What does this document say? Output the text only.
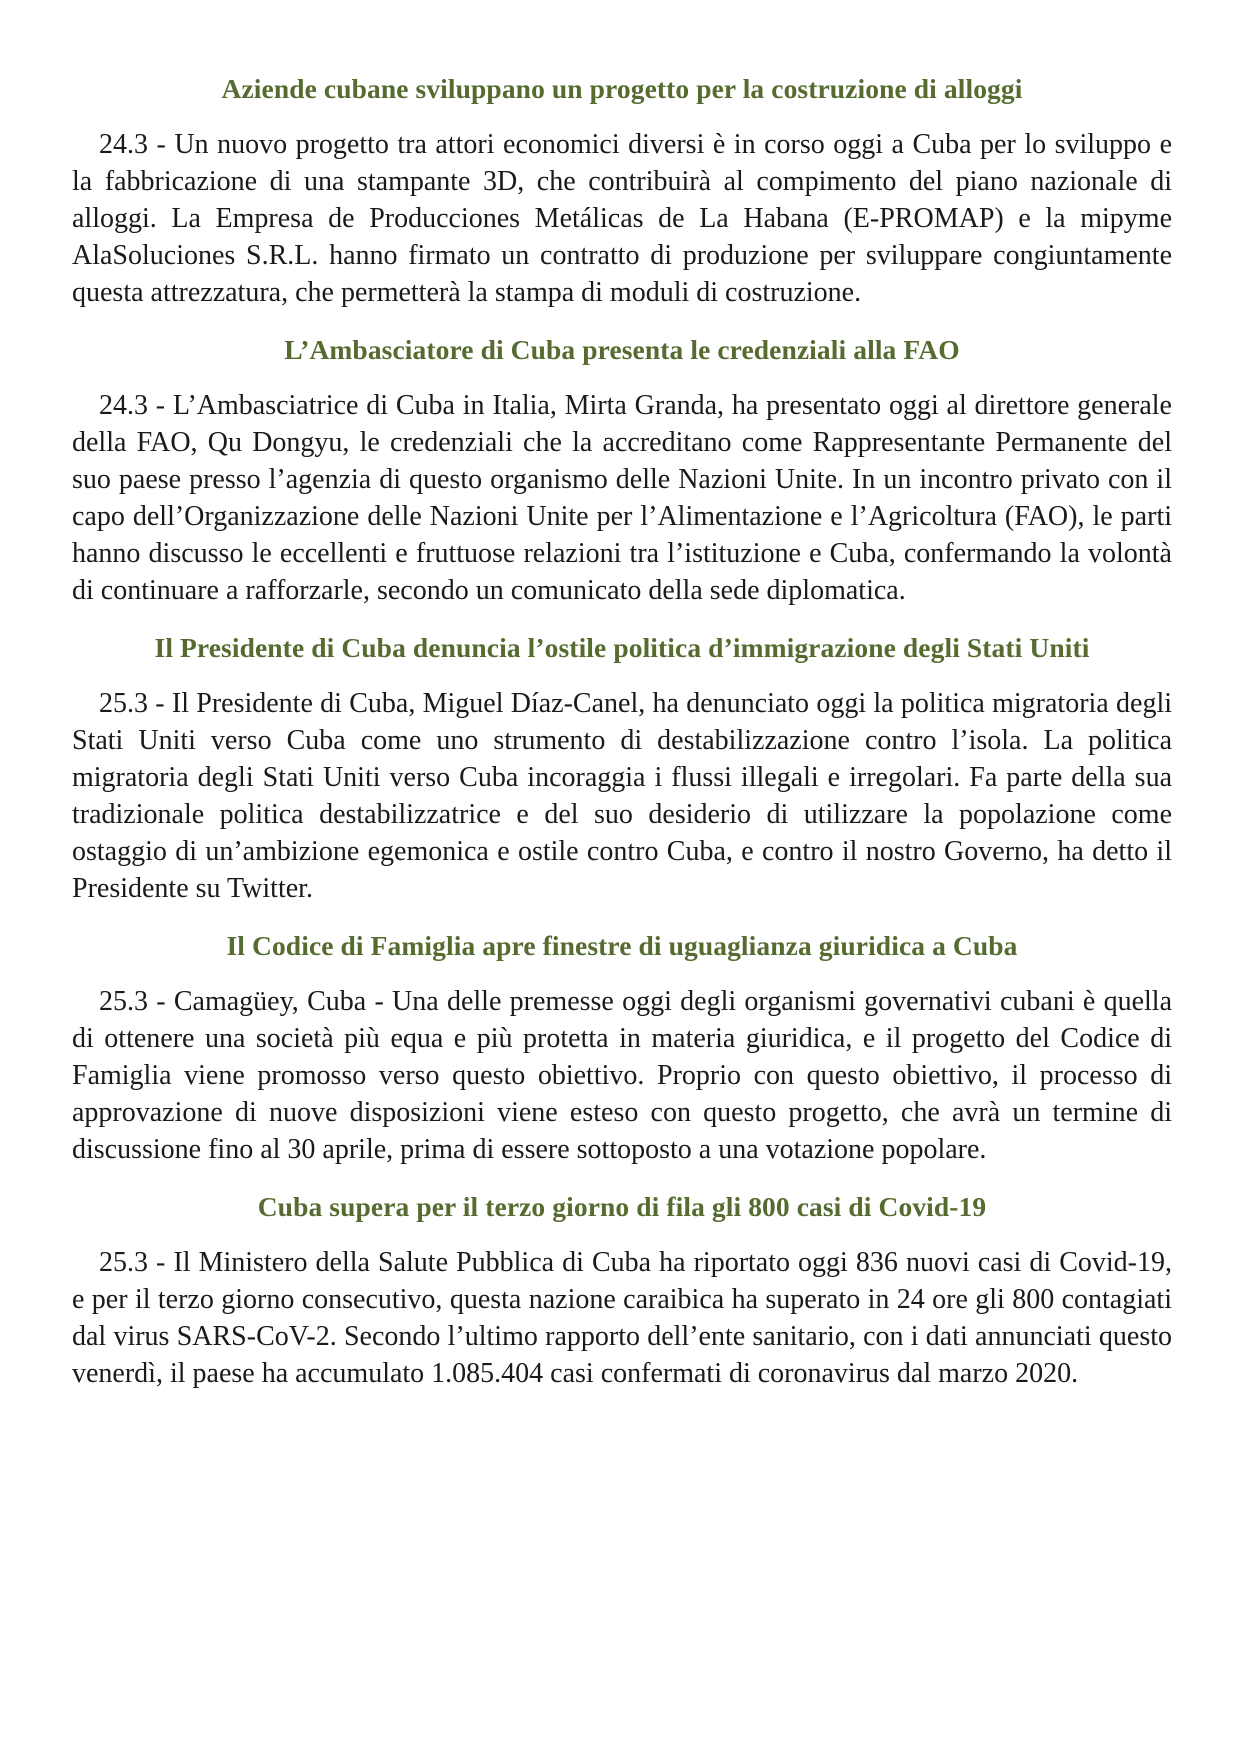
Aziende cubane sviluppano un progetto per la costruzione di alloggi

24.3 - Un nuovo progetto tra attori economici diversi è in corso oggi a Cuba per lo sviluppo e la fabbricazione di una stampante 3D, che contribuirà al compimento del piano nazionale di alloggi. La Empresa de Producciones Metálicas de La Habana (E-PROMAP) e la mipyme AlaSoluciones S.R.L. hanno firmato un contratto di produzione per sviluppare congiuntamente questa attrezzatura, che permetterà la stampa di moduli di costruzione.

L’Ambasciatore di Cuba presenta le credenziali alla FAO

24.3 - L’Ambasciatrice di Cuba in Italia, Mirta Granda, ha presentato oggi al direttore generale della FAO, Qu Dongyu, le credenziali che la accreditano come Rappresentante Permanente del suo paese presso l’agenzia di questo organismo delle Nazioni Unite. In un incontro privato con il capo dell’Organizzazione delle Nazioni Unite per l’Alimentazione e l’Agricoltura (FAO), le parti hanno discusso le eccellenti e fruttuose relazioni tra l’istituzione e Cuba, confermando la volontà di continuare a rafforzarle, secondo un comunicato della sede diplomatica.

Il Presidente di Cuba denuncia l’ostile politica d’immigrazione degli Stati Uniti

25.3 - Il Presidente di Cuba, Miguel Díaz-Canel, ha denunciato oggi la politica migratoria degli Stati Uniti verso Cuba come uno strumento di destabilizzazione contro l’isola. La politica migratoria degli Stati Uniti verso Cuba incoraggia i flussi illegali e irregolari. Fa parte della sua tradizionale politica destabilizzatrice e del suo desiderio di utilizzare la popolazione come ostaggio di un’ambizione egemonica e ostile contro Cuba, e contro il nostro Governo, ha detto il Presidente su Twitter.

Il Codice di Famiglia apre finestre di uguaglianza giuridica a Cuba

25.3 - Camagüey, Cuba - Una delle premesse oggi degli organismi governativi cubani è quella di ottenere una società più equa e più protetta in materia giuridica, e il progetto del Codice di Famiglia viene promosso verso questo obiettivo. Proprio con questo obiettivo, il processo di approvazione di nuove disposizioni viene esteso con questo progetto, che avrà un termine di discussione fino al 30 aprile, prima di essere sottoposto a una votazione popolare.

Cuba supera per il terzo giorno di fila gli 800 casi di Covid-19

25.3 - Il Ministero della Salute Pubblica di Cuba ha riportato oggi 836 nuovi casi di Covid-19, e per il terzo giorno consecutivo, questa nazione caraibica ha superato in 24 ore gli 800 contagiati dal virus SARS-CoV-2. Secondo l’ultimo rapporto dell’ente sanitario, con i dati annunciati questo venerdì, il paese ha accumulato 1.085.404 casi confermati di coronavirus dal marzo 2020.
